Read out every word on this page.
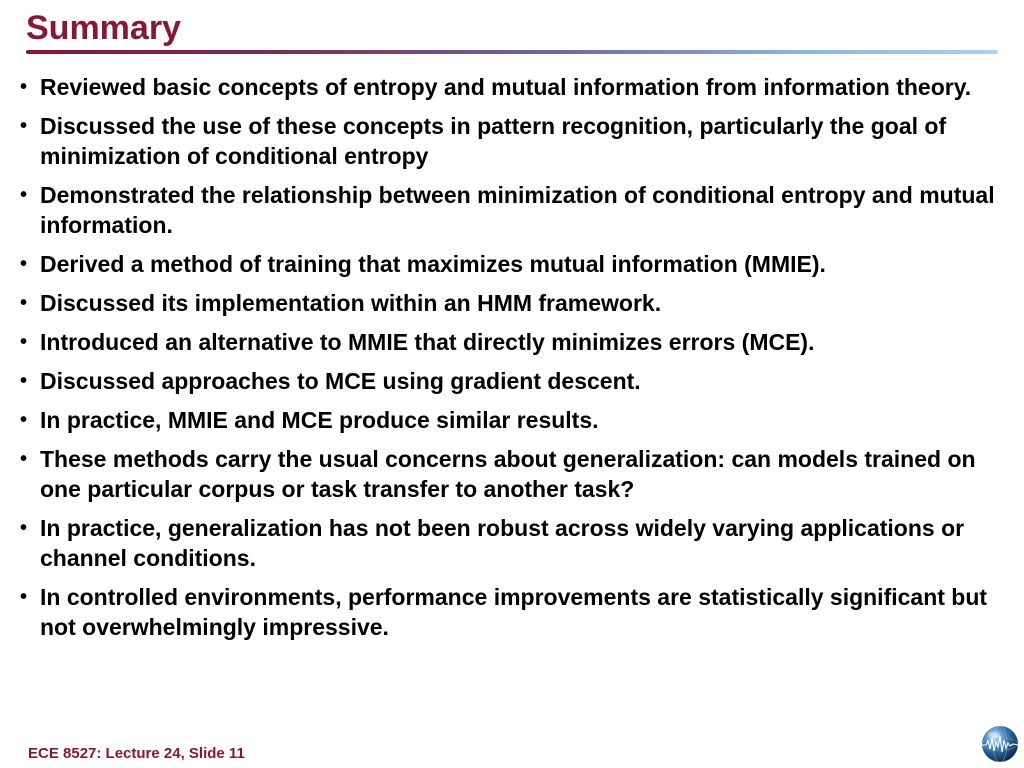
Summary
• Reviewed basic concepts of entropy and mutual information from information theory.
• Discussed the use of these concepts in pattern recognition, particularly the goal of minimization of conditional entropy
• Demonstrated the relationship between minimization of conditional entropy and mutual information.
• Derived a method of training that maximizes mutual information (MMIE).
• Discussed its implementation within an HMM framework.
• Introduced an alternative to MMIE that directly minimizes errors (MCE).
• Discussed approaches to MCE using gradient descent.
• In practice, MMIE and MCE produce similar results.
• These methods carry the usual concerns about generalization: can models trained on one particular corpus or task transfer to another task?
• In practice, generalization has not been robust across widely varying applications or channel conditions.
• In controlled environments, performance improvements are statistically significant but not overwhelmingly impressive.
ECE 8527: Lecture 24, Slide 11
